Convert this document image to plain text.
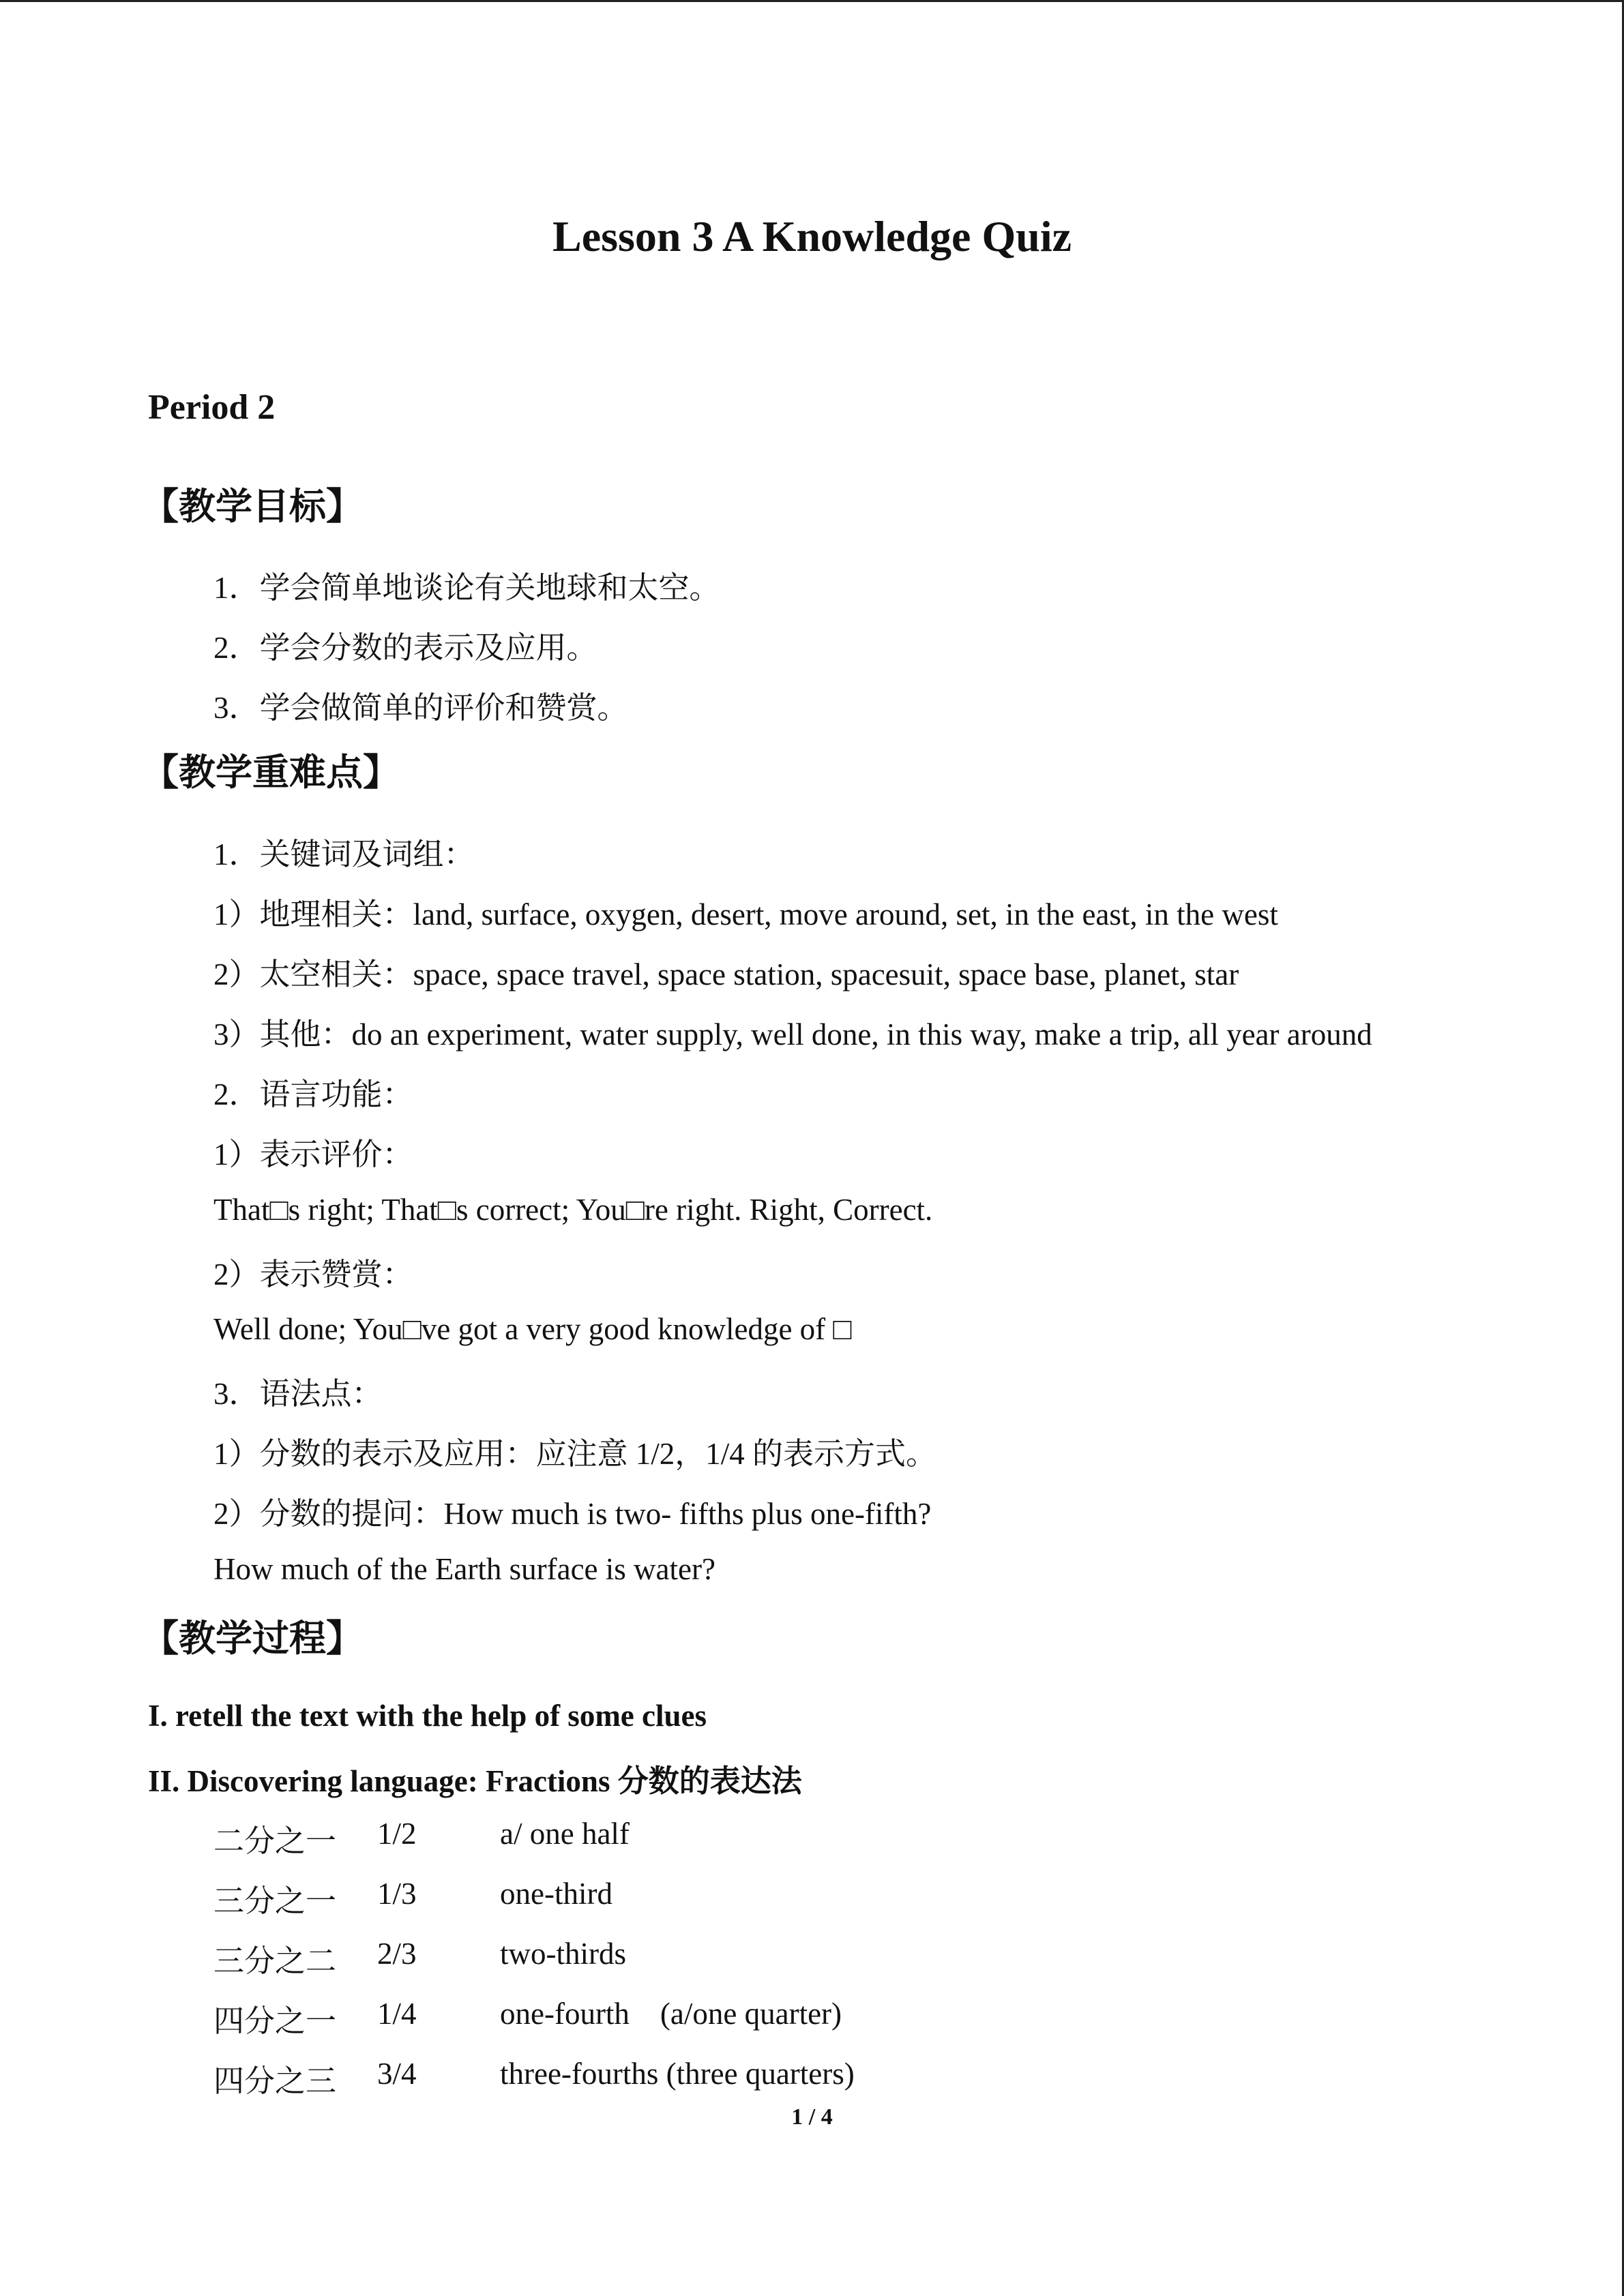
Lesson 3 A Knowledge Quiz
Period 2
【教学目标】
1．学会简单地谈论有关地球和太空。
2．学会分数的表示及应用。
3．学会做简单的评价和赞赏。
【教学重难点】
1．关键词及词组：
1）地理相关：land, surface, oxygen, desert, move around, set, in the east, in the west
2）太空相关：space, space travel, space station, spacesuit, space base, planet, star
3）其他：do an experiment, water supply, well done, in this way, make a trip, all year around
2．语言功能：
1）表示评价：
That□s right; That□s correct; You□re right. Right, Correct.
2）表示赞赏：
Well done; You□ve got a very good knowledge of □
3．语法点：
1）分数的表示及应用：应注意 1/2，1/4 的表示方式。
2）分数的提问：How much is two- fifths plus one-fifth?
How much of the Earth surface is water?
【教学过程】
I. retell the text with the help of some clues
II. Discovering language: Fractions 分数的表达法
二分之一 1/2	a/ one half
三分之一 1/3	one-third
三分之二 2/3	two-thirds
四分之一 1/4	one-fourth    (a/one quarter)
四分之三 3/4	three-fourths (three quarters)
1 / 4
